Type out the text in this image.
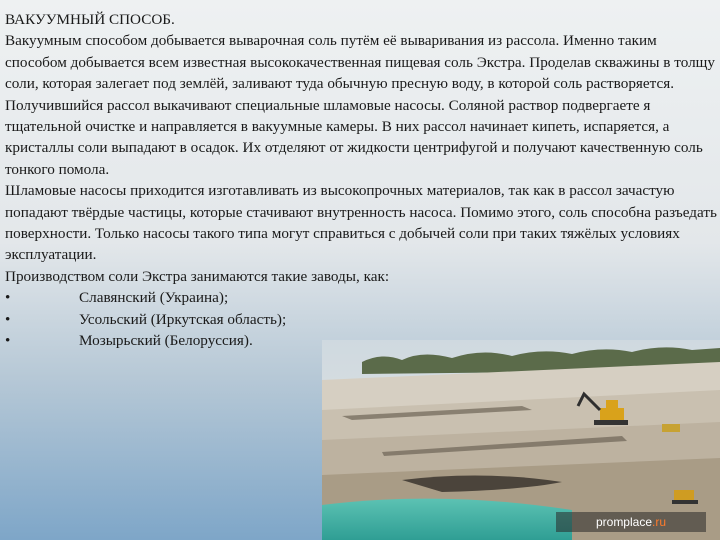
promplace.ru

ВАКУУМНЫЙ СПОСОБ.

Вакуумным способом добывается выварочная соль путём её вываривания из рассола. Именно таким способом добывается всем известная высококачественная пищевая соль Экстра. Проделав скважины в толщу соли, которая залегает под землёй, заливают туда обычную пресную воду, в которой соль растворяется. Получившийся рассол выкачивают специальные шламовые насосы. Соляной раствор подвергаете я тщательной очистке и направляется в вакуумные камеры. В них рассол начинает кипеть, испаряется, а кристаллы соли выпадают в осадок. Их отделяют от жидкости центрифугой и получают качественную соль тонкого помола.

Шламовые насосы приходится изготавливать из высокопрочных материалов, так как в рассол зачастую попадают твёрдые частицы, которые стачивают внутренность насоса. Помимо этого, соль способна разъедать поверхности. Только насосы такого типа могут справиться с добычей соли при таких тяжёлых условиях эксплуатации.

Производством соли Экстра занимаются такие заводы, как:

•	Славянский (Украина);
•	Усольский (Иркутская область);
•	Мозырьский (Белоруссия).
